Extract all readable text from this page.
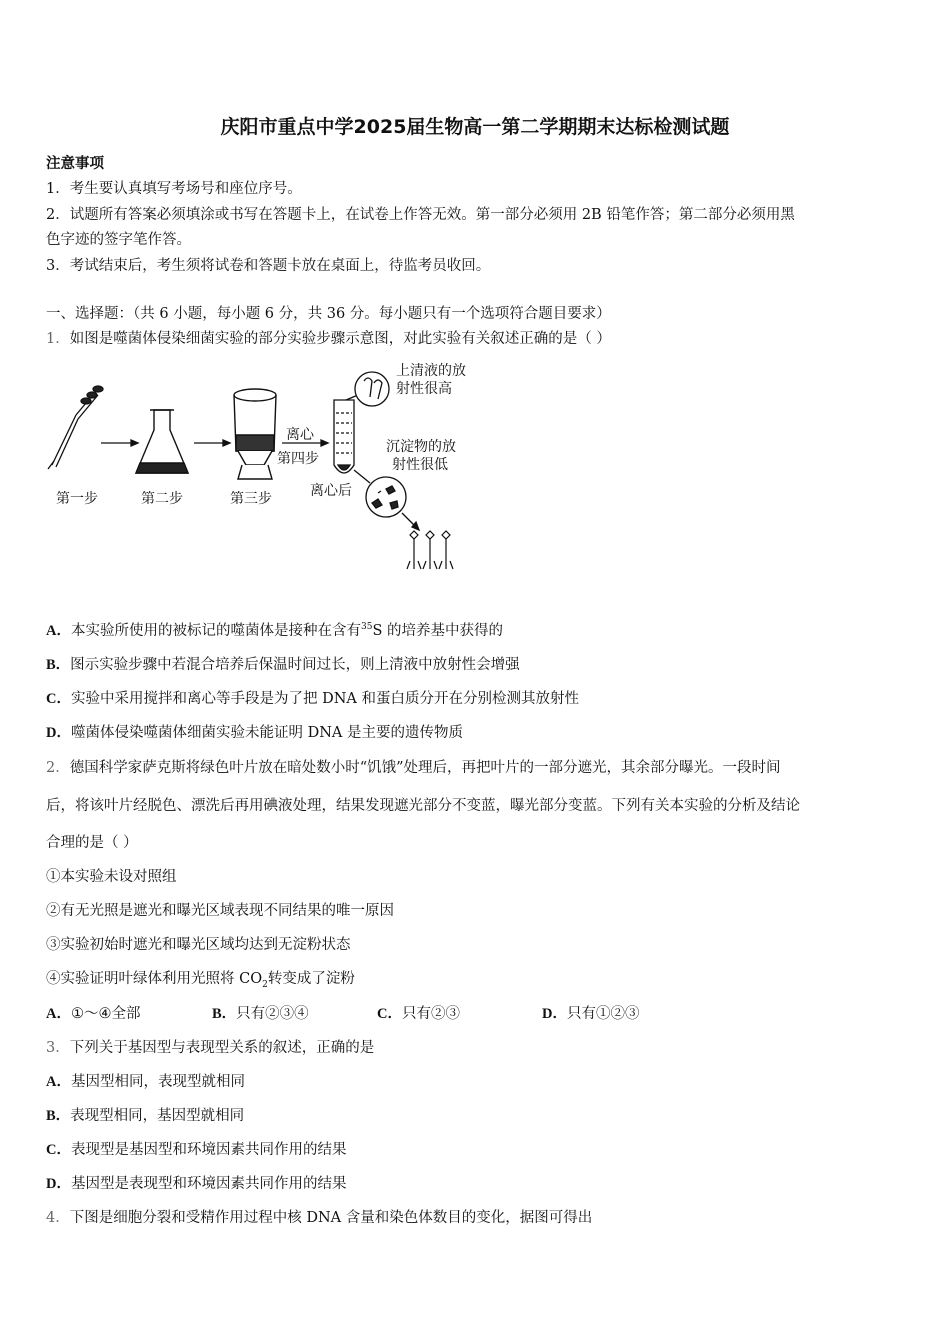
庆阳市重点中学2025届生物高一第二学期期末达标检测试题
注意事项
1．考生要认真填写考场号和座位序号。
2．试题所有答案必须填涂或书写在答题卡上，在试卷上作答无效。第一部分必须用 2B 铅笔作答；第二部分必须用黑
色字迹的签字笔作答。
3．考试结束后，考生须将试卷和答题卡放在桌面上，待监考员收回。
一、选择题：（共 6 小题，每小题 6 分，共 36 分。每小题只有一个选项符合题目要求）
1．如图是噬菌体侵染细菌实验的部分实验步骤示意图，对此实验有关叙述正确的是（ ）
第一步	第二步	第三步
离心
第四步
离心后
上清液的放
射性很高
沉淀物的放
射性很低
A．本实验所使用的被标记的噬菌体是接种在含有$^{35}$S 的培养基中获得的
B．图示实验步骤中若混合培养后保温时间过长，则上清液中放射性会增强
C．实验中采用搅拌和离心等手段是为了把 DNA 和蛋白质分开在分别检测其放射性
D．噬菌体侵染噬菌体细菌实验未能证明 DNA 是主要的遗传物质
2．德国科学家萨克斯将绿色叶片放在暗处数小时“饥饿”处理后，再把叶片的一部分遮光，其余部分曝光。一段时间
后，将该叶片经脱色、漂洗后再用碘液处理，结果发现遮光部分不变蓝，曝光部分变蓝。下列有关本实验的分析及结论
合理的是（ ）
①本实验未设对照组
②有无光照是遮光和曝光区域表现不同结果的唯一原因
③实验初始时遮光和曝光区域均达到无淀粉状态
④实验证明叶绿体利用光照将 $CO_2$转变成了淀粉
A．①～④全部	B．只有②③④	C．只有②③	D．只有①②③
3．下列关于基因型与表现型关系的叙述，正确的是
A．基因型相同，表现型就相同
B．表现型相同，基因型就相同
C．表现型是基因型和环境因素共同作用的结果
D．基因型是表现型和环境因素共同作用的结果
4．下图是细胞分裂和受精作用过程中核 DNA 含量和染色体数目的变化，据图可得出
